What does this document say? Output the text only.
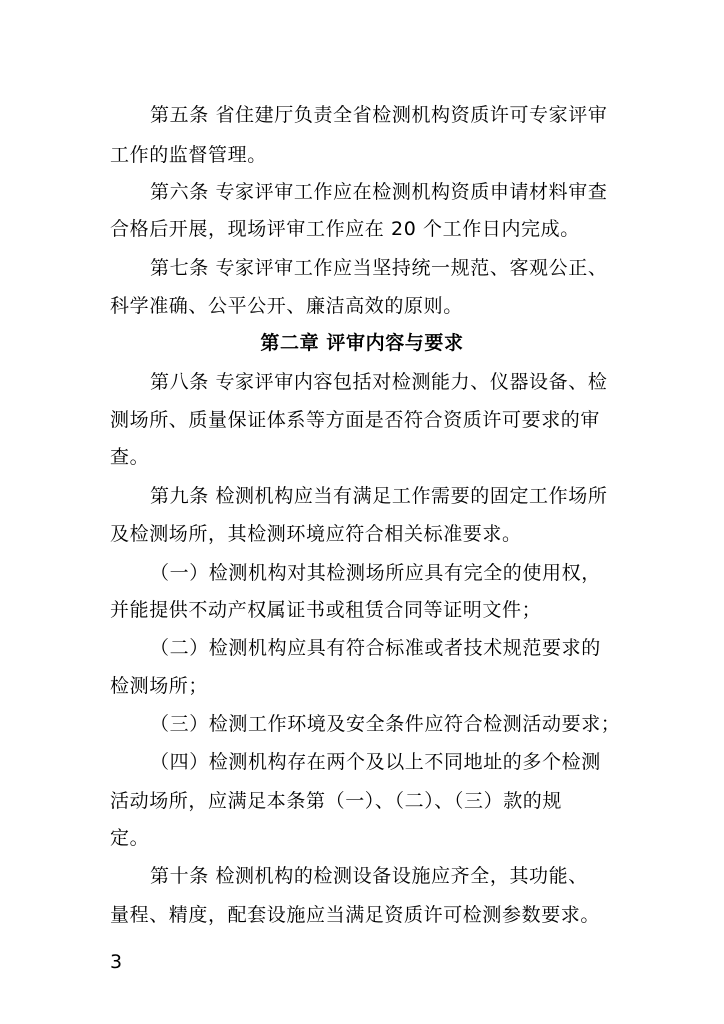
第五条 省住建厅负责全省检测机构资质许可专家评审
工作的监督管理。
第六条 专家评审工作应在检测机构资质申请材料审查
合格后开展，现场评审工作应在 20 个工作日内完成。
第七条 专家评审工作应当坚持统一规范、客观公正、
科学准确、公平公开、廉洁高效的原则。
第二章 评审内容与要求
第八条 专家评审内容包括对检测能力、仪器设备、检
测场所、质量保证体系等方面是否符合资质许可要求的审
查。
第九条 检测机构应当有满足工作需要的固定工作场所
及检测场所，其检测环境应符合相关标准要求。
（一）检测机构对其检测场所应具有完全的使用权，
并能提供不动产权属证书或租赁合同等证明文件；
（二）检测机构应具有符合标准或者技术规范要求的
检测场所；
（三）检测工作环境及安全条件应符合检测活动要求；
（四）检测机构存在两个及以上不同地址的多个检测
活动场所，应满足本条第（一）、（二）、（三）款的规
定。
第十条 检测机构的检测设备设施应齐全，其功能、
量程、精度，配套设施应当满足资质许可检测参数要求。
3
